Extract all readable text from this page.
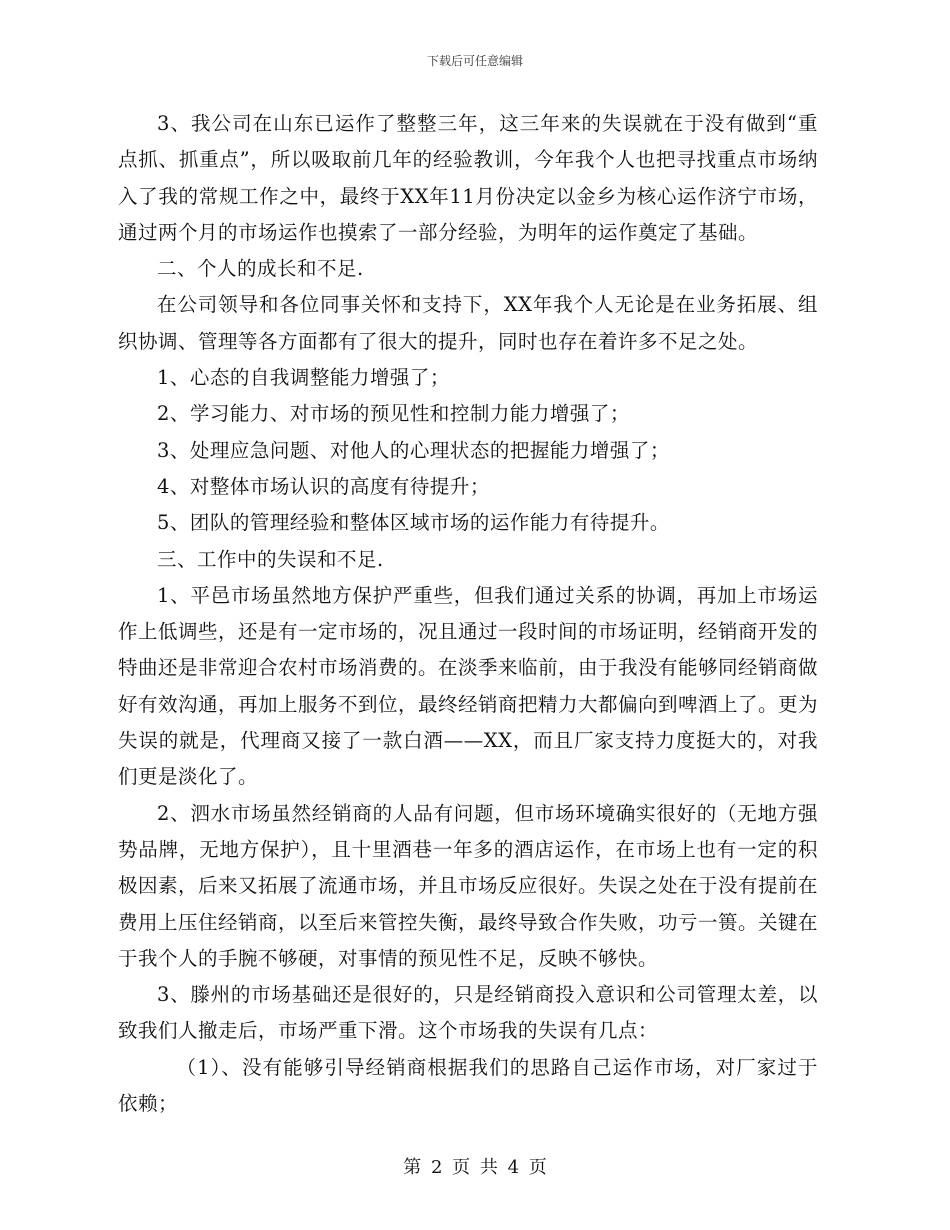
下载后可任意编辑

3、我公司在山东已运作了整整三年，这三年来的失误就在于没有做到“重点抓、抓重点”，所以吸取前几年的经验教训，今年我个人也把寻找重点市场纳入了我的常规工作之中，最终于XX年11月份决定以金乡为核心运作济宁市场，通过两个月的市场运作也摸索了一部分经验，为明年的运作奠定了基础。

二、个人的成长和不足.

在公司领导和各位同事关怀和支持下，XX年我个人无论是在业务拓展、组织协调、管理等各方面都有了很大的提升，同时也存在着许多不足之处。

1、心态的自我调整能力增强了；

2、学习能力、对市场的预见性和控制力能力增强了；

3、处理应急问题、对他人的心理状态的把握能力增强了；

4、对整体市场认识的高度有待提升；

5、团队的管理经验和整体区域市场的运作能力有待提升。

三、工作中的失误和不足.

1、平邑市场虽然地方保护严重些，但我们通过关系的协调，再加上市场运作上低调些，还是有一定市场的，况且通过一段时间的市场证明，经销商开发的特曲还是非常迎合农村市场消费的。在淡季来临前，由于我没有能够同经销商做好有效沟通，再加上服务不到位，最终经销商把精力大都偏向到啤酒上了。更为失误的就是，代理商又接了一款白酒——XX，而且厂家支持力度挺大的，对我们更是淡化了。

2、泗水市场虽然经销商的人品有问题，但市场环境确实很好的（无地方强势品牌，无地方保护），且十里酒巷一年多的酒店运作，在市场上也有一定的积极因素，后来又拓展了流通市场，并且市场反应很好。失误之处在于没有提前在费用上压住经销商，以至后来管控失衡，最终导致合作失败，功亏一篑。关键在于我个人的手腕不够硬，对事情的预见性不足，反映不够快。

3、滕州的市场基础还是很好的，只是经销商投入意识和公司管理太差，以致我们人撤走后，市场严重下滑。这个市场我的失误有几点：

（1）、没有能够引导经销商根据我们的思路自己运作市场，对厂家过于依赖；

第 2 页 共 4 页
